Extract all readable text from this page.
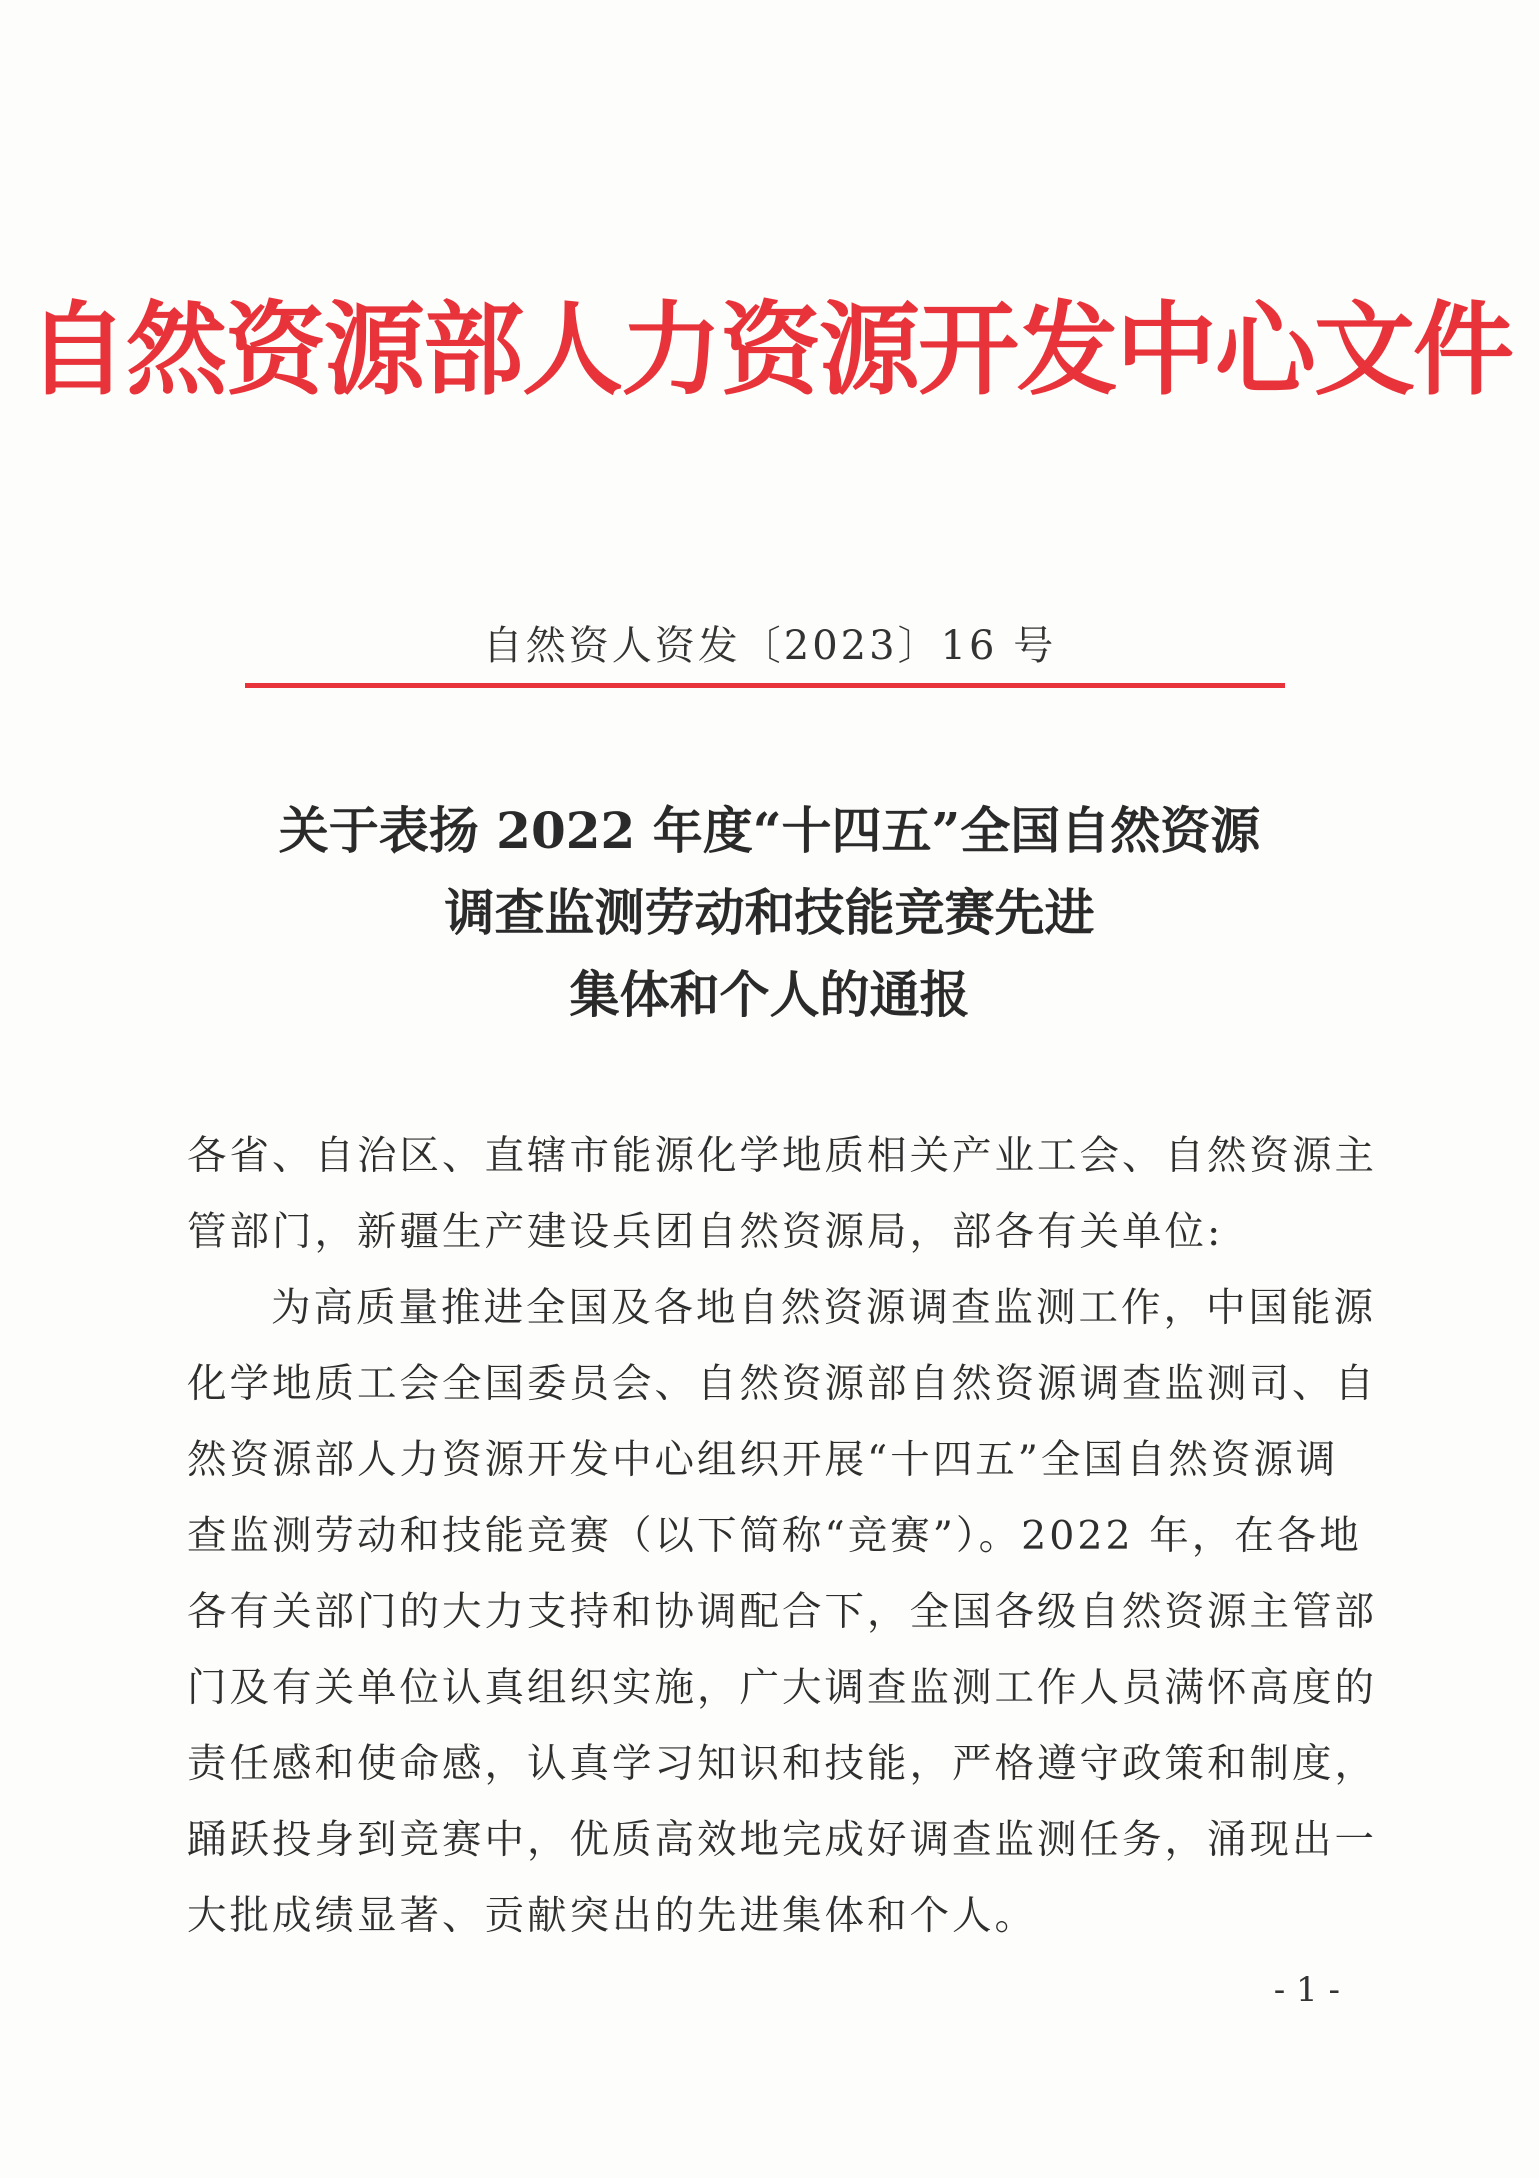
自然资源部人力资源开发中心文件
自然资人资发〔2023〕16 号
关于表扬 2022 年度“十四五”全国自然资源
调查监测劳动和技能竞赛先进
集体和个人的通报
各省、自治区、直辖市能源化学地质相关产业工会、自然资源主
管部门，新疆生产建设兵团自然资源局，部各有关单位:
为高质量推进全国及各地自然资源调查监测工作，中国能源
化学地质工会全国委员会、自然资源部自然资源调查监测司、自
然资源部人力资源开发中心组织开展“十四五”全国自然资源调
查监测劳动和技能竞赛（以下简称“竞赛”）。2022 年，在各地
各有关部门的大力支持和协调配合下，全国各级自然资源主管部
门及有关单位认真组织实施，广大调查监测工作人员满怀高度的
责任感和使命感，认真学习知识和技能，严格遵守政策和制度，
踊跃投身到竞赛中，优质高效地完成好调查监测任务，涌现出一
大批成绩显著、贡献突出的先进集体和个人。
- 1 -
